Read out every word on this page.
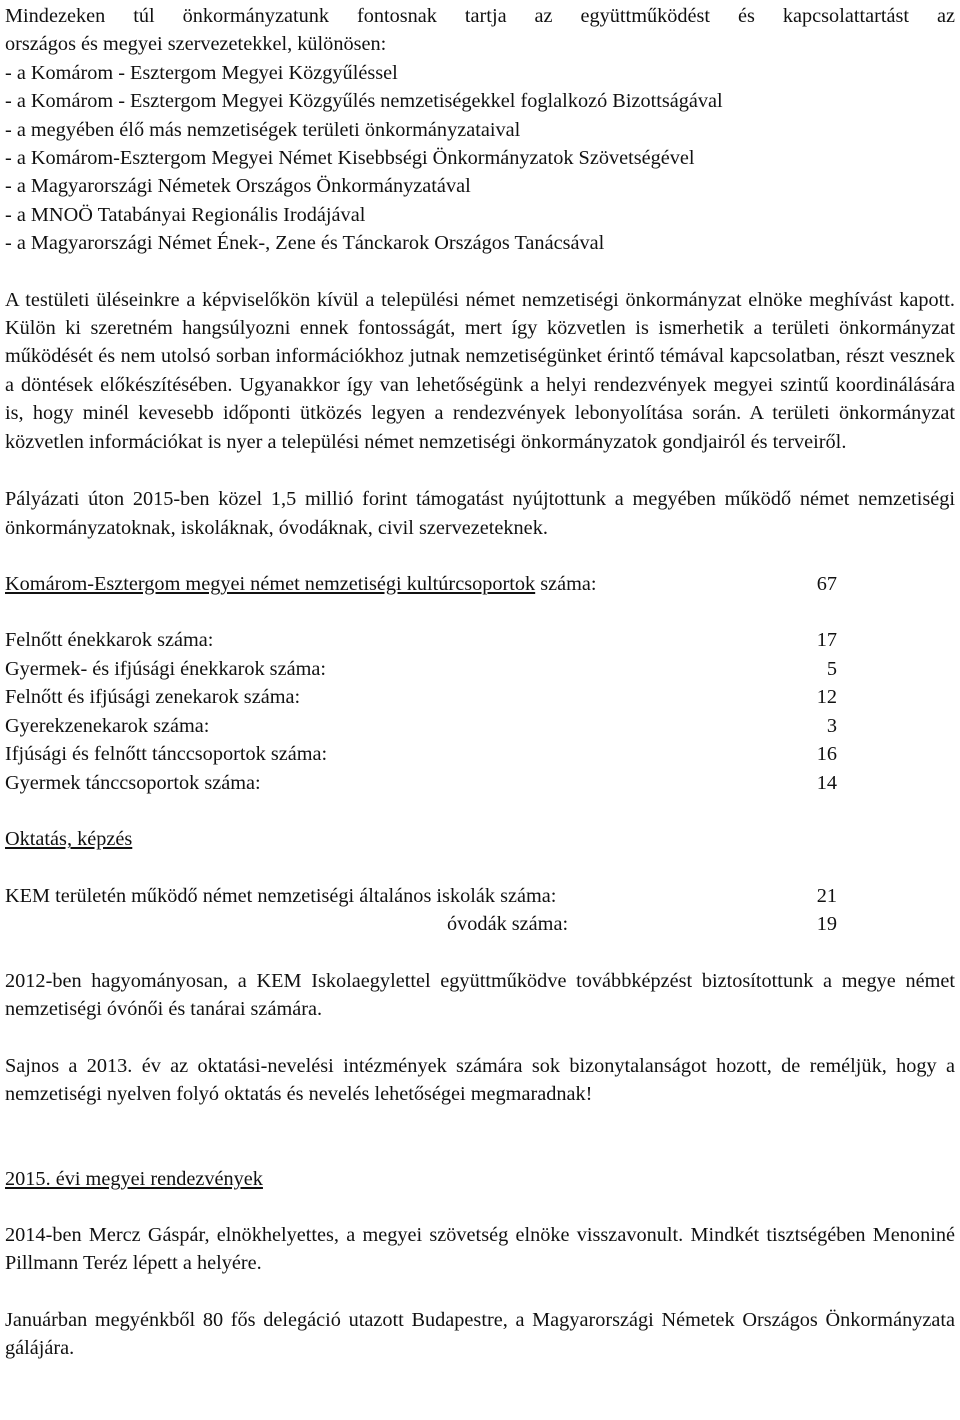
Mindezeken túl önkormányzatunk fontosnak tartja az együttműködést és kapcsolattartást az
országos és megyei szervezetekkel, különösen:
- a Komárom - Esztergom Megyei Közgyűléssel
- a Komárom - Esztergom Megyei Közgyűlés nemzetiségekkel foglalkozó Bizottságával
- a megyében élő más nemzetiségek területi önkormányzataival
- a Komárom-Esztergom Megyei Német Kisebbségi Önkormányzatok Szövetségével
- a Magyarországi Németek Országos Önkormányzatával
- a MNOÖ Tatabányai Regionális Irodájával
- a Magyarországi Német Ének-, Zene és Tánckarok Országos Tanácsával

A testületi üléseinkre a képviselőkön kívül a települési német nemzetiségi önkormányzat elnöke meghívást kapott. Külön ki szeretném hangsúlyozni ennek fontosságát, mert így közvetlen is ismerhetik a területi önkormányzat működését és nem utolsó sorban információkhoz jutnak nemzetiségünket érintő témával kapcsolatban, részt vesznek a döntések előkészítésében. Ugyanakkor így van lehetőségünk a helyi rendezvények megyei szintű koordinálására is, hogy minél kevesebb időponti ütközés legyen a rendezvények lebonyolítása során. A területi önkormányzat közvetlen információkat is nyer a települési német nemzetiségi önkormányzatok gondjairól és terveiről.

Pályázati úton 2015-ben közel 1,5 millió forint támogatást nyújtottunk a megyében működő német nemzetiségi önkormányzatoknak, iskoláknak, óvodáknak, civil szervezeteknek.

Komárom-Esztergom megyei német nemzetiségi kultúrcsoportok száma:	67
Felnőtt énekkarok száma:	17
Gyermek- és ifjúsági énekkarok száma:	5
Felnőtt és ifjúsági zenekarok száma:	12
Gyerekzenekarok száma:	3
Ifjúsági és felnőtt tánccsoportok száma:	16
Gyermek tánccsoportok száma:	14
Oktatás, képzés
KEM területén működő német nemzetiségi általános iskolák száma:	21
óvodák száma:	19

2012-ben hagyományosan, a KEM Iskolaegylettel együttműködve továbbképzést biztosítottunk a megye német nemzetiségi óvónői és tanárai számára.

Sajnos a 2013. év az oktatási-nevelési intézmények számára sok bizonytalanságot hozott, de reméljük, hogy a nemzetiségi nyelven folyó oktatás és nevelés lehetőségei megmaradnak!

2015. évi megyei rendezvények

2014-ben Mercz Gáspár, elnökhelyettes, a megyei szövetség elnöke visszavonult. Mindkét tisztségében Menoniné Pillmann Teréz lépett a helyére.

Januárban megyénkből 80 fős delegáció utazott Budapestre, a Magyarországi Németek Országos Önkormányzata gálájára.
